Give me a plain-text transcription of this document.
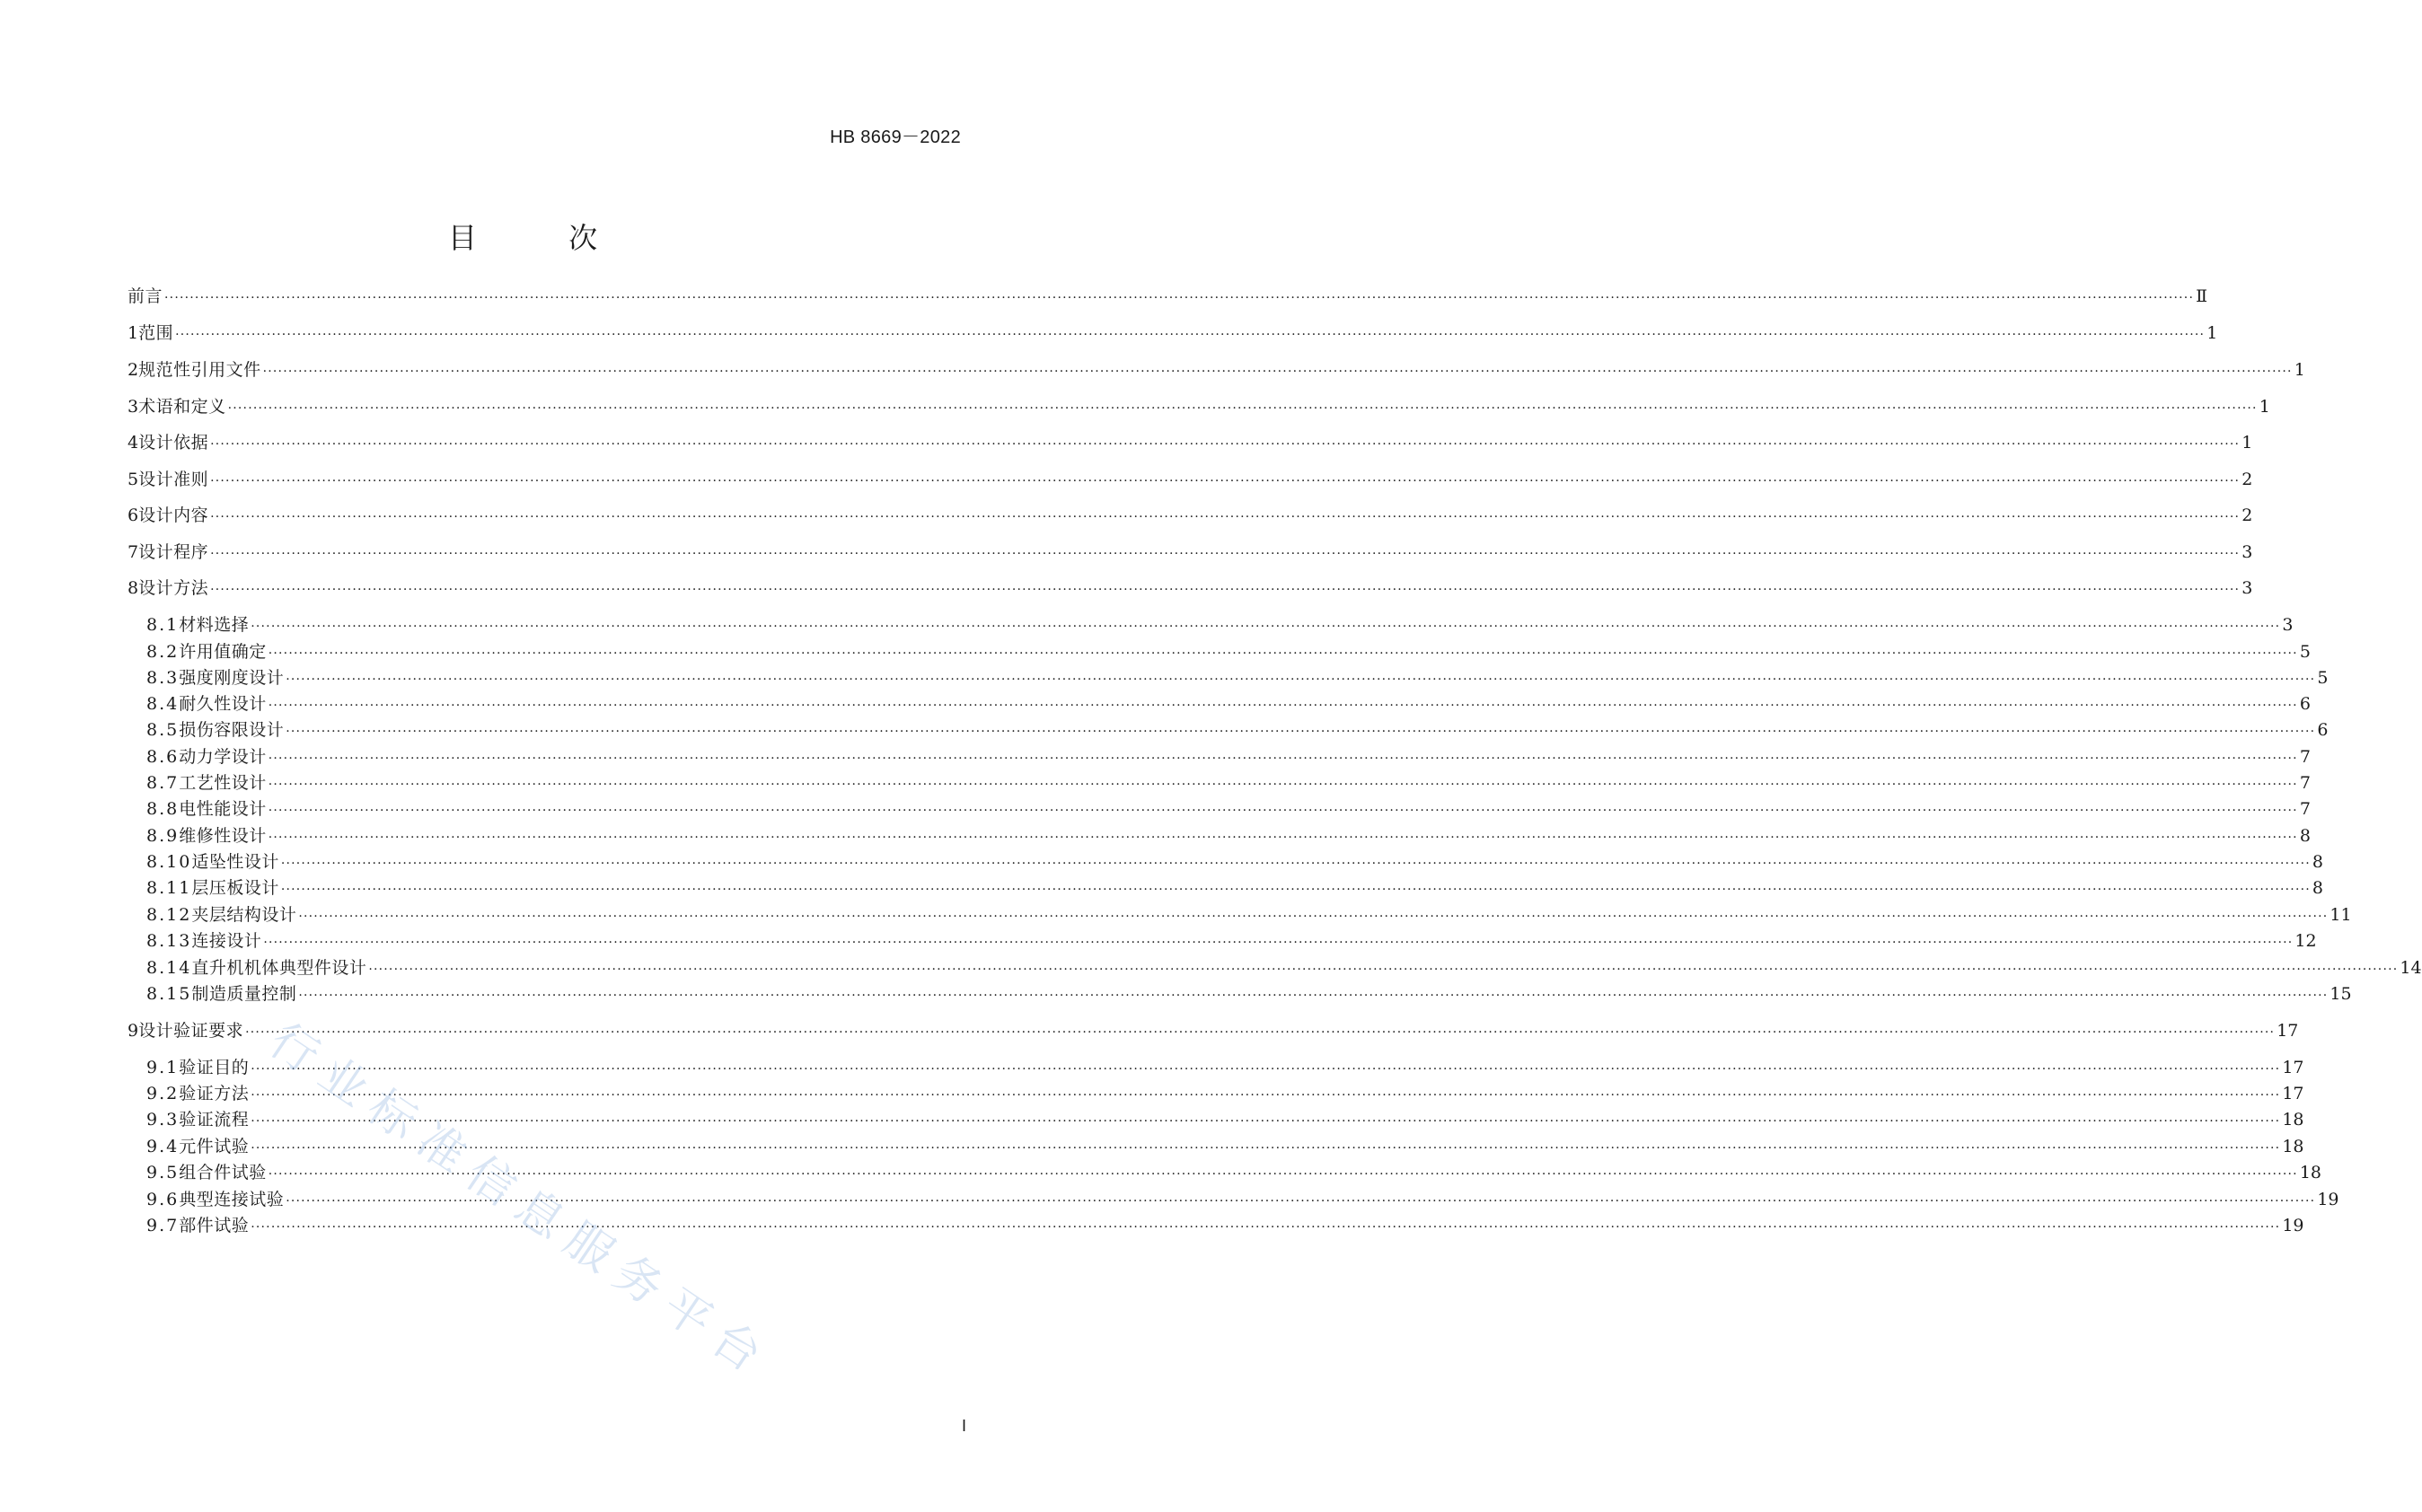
HB 8669－2022
目 次
前言 ················································································································································································································································································································································································································ Ⅱ
1 范围 ················································································································································································································································································································································································································ 1
2 规范性引用文件 ················································································································································································································································································································································································································ 1
3 术语和定义 ················································································································································································································································································································································································································ 1
4 设计依据 ················································································································································································································································································································································································································ 1
5 设计准则 ················································································································································································································································································································································································································ 2
6 设计内容 ················································································································································································································································································································································································································ 2
7 设计程序 ················································································································································································································································································································································································································ 3
8 设计方法 ················································································································································································································································································································································································································ 3
8.1 材料选择 ················································································································································································································································································································································································································ 3
8.2 许用值确定 ················································································································································································································································································································································································································ 5
8.3 强度刚度设计 ················································································································································································································································································································································································································ 5
8.4 耐久性设计 ················································································································································································································································································································································································································ 6
8.5 损伤容限设计 ················································································································································································································································································································································································································ 6
8.6 动力学设计 ················································································································································································································································································································································································································ 7
8.7 工艺性设计 ················································································································································································································································································································································································································ 7
8.8 电性能设计 ················································································································································································································································································································································································································ 7
8.9 维修性设计 ················································································································································································································································································································································································································ 8
8.10 适坠性设计 ················································································································································································································································································································································································································ 8
8.11 层压板设计 ················································································································································································································································································································································································································ 8
8.12 夹层结构设计 ················································································································································································································································································································································································································ 11
8.13 连接设计 ················································································································································································································································································································································································································ 12
8.14 直升机机体典型件设计 ················································································································································································································································································································································································································ 14
8.15 制造质量控制 ················································································································································································································································································································································································································ 15
9 设计验证要求 ················································································································································································································································································································································································································ 17
9.1 验证目的 ················································································································································································································································································································································································································ 17
9.2 验证方法 ················································································································································································································································································································································································································ 17
9.3 验证流程 ················································································································································································································································································································································································································ 18
9.4 元件试验 ················································································································································································································································································································································································································ 18
9.5 组合件试验 ················································································································································································································································································································································································································ 18
9.6 典型连接试验 ················································································································································································································································································································································································································ 19
9.7 部件试验 ················································································································································································································································································································································································································ 19
行业标准信息服务平台
I
